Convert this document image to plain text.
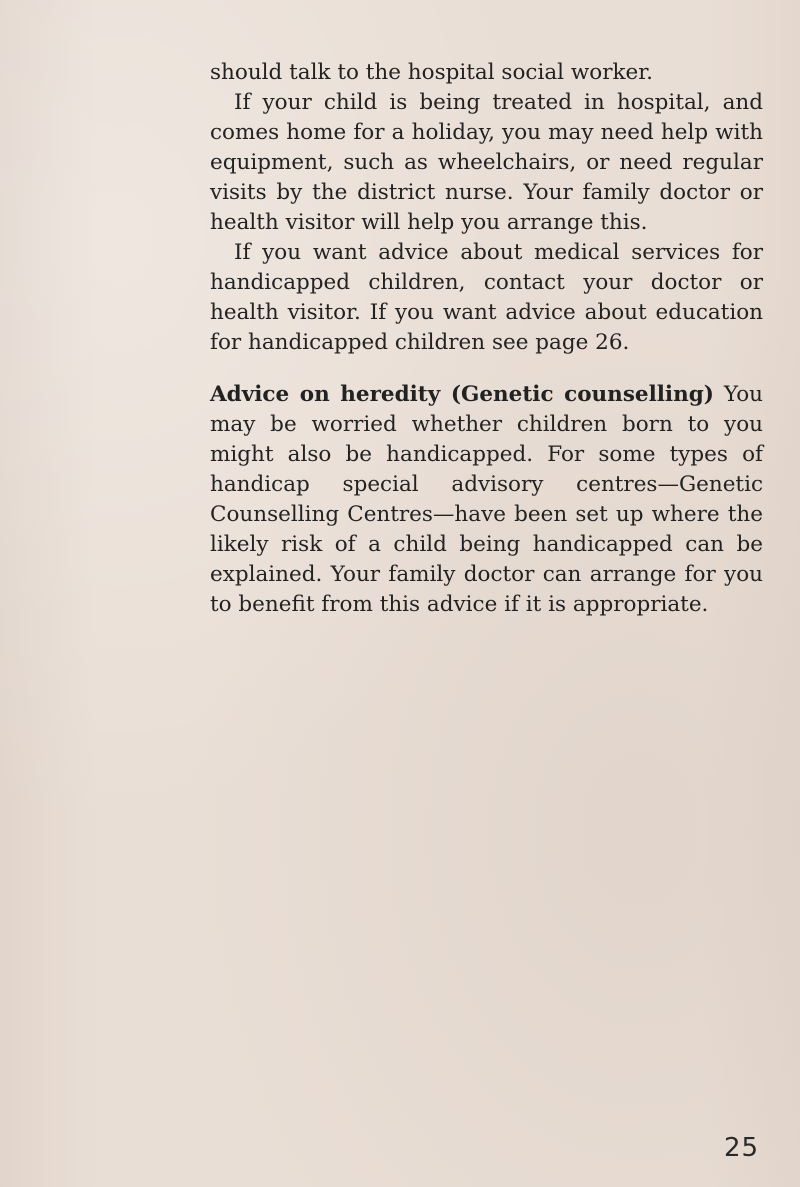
should talk to the hospital social worker.

If your child is being treated in hospital, and comes home for a holiday, you may need help with equipment, such as wheelchairs, or need regular visits by the district nurse. Your family doctor or health visitor will help you arrange this.

If you want advice about medical services for handicapped children, contact your doctor or health visitor. If you want advice about education for handicapped children see page 26.

Advice on heredity (Genetic counselling) You may be worried whether children born to you might also be handicapped. For some types of handicap special advisory centres—Genetic Counselling Centres—have been set up where the likely risk of a child being handicapped can be explained. Your family doctor can arrange for you to benefit from this advice if it is appropriate.

25
